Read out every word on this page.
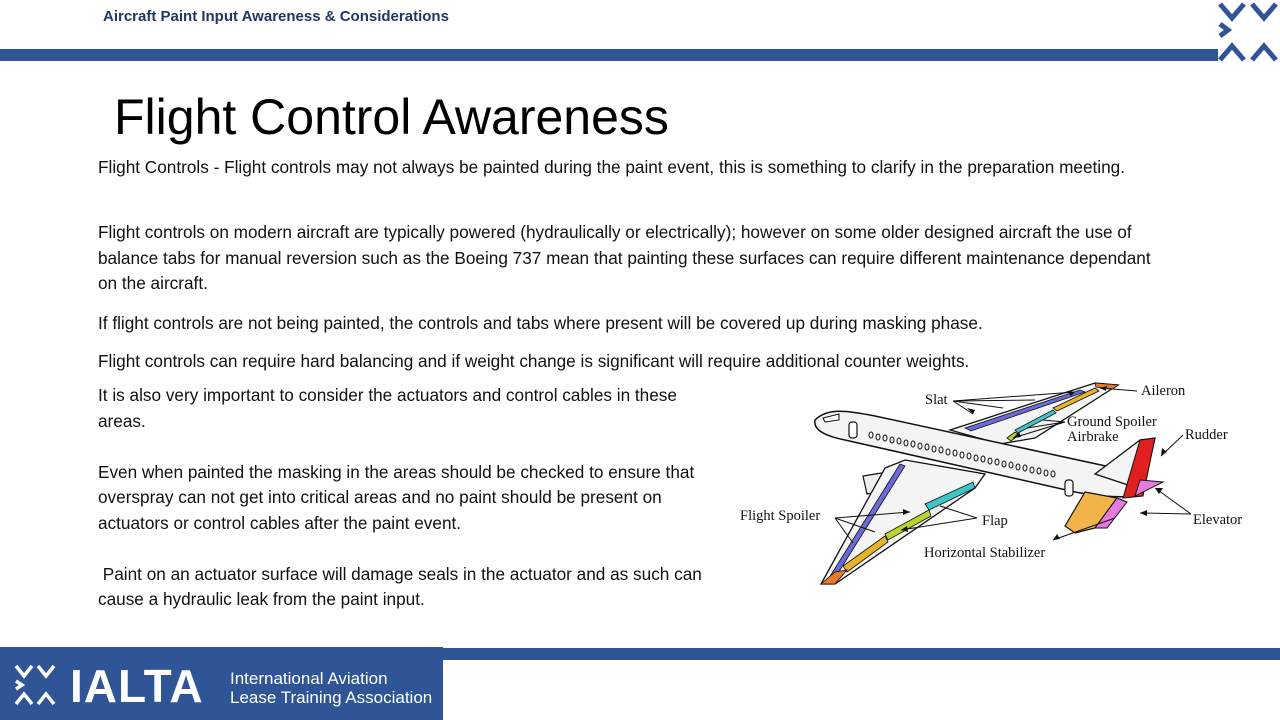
Aircraft Paint Input Awareness & Considerations
Flight Control Awareness

Flight Controls - Flight controls may not always be painted during the paint event, this is something to clarify in the preparation meeting.

Flight controls on modern aircraft are typically powered (hydraulically or electrically); however on some older designed aircraft the use of balance tabs for manual reversion such as the Boeing 737 mean that painting these surfaces can require different maintenance dependant on the aircraft.

If flight controls are not being painted, the controls and tabs where present will be covered up during masking phase.

Flight controls can require hard balancing and if weight change is significant will require additional counter weights.

It is also very important to consider the actuators and control cables in these areas.
Even when painted the masking in the areas should be checked to ensure that overspray can not get into critical areas and no paint should be present on actuators or control cables after the paint event.
Paint on an actuator surface will damage seals in the actuator and as such can cause a hydraulic leak from the paint input.
Slat
Aileron
Ground Spoiler
Airbrake	Rudder
Flight Spoiler	Flap	Elevator
Horizontal Stabilizer
IALTA International Aviation
Lease Training Association
